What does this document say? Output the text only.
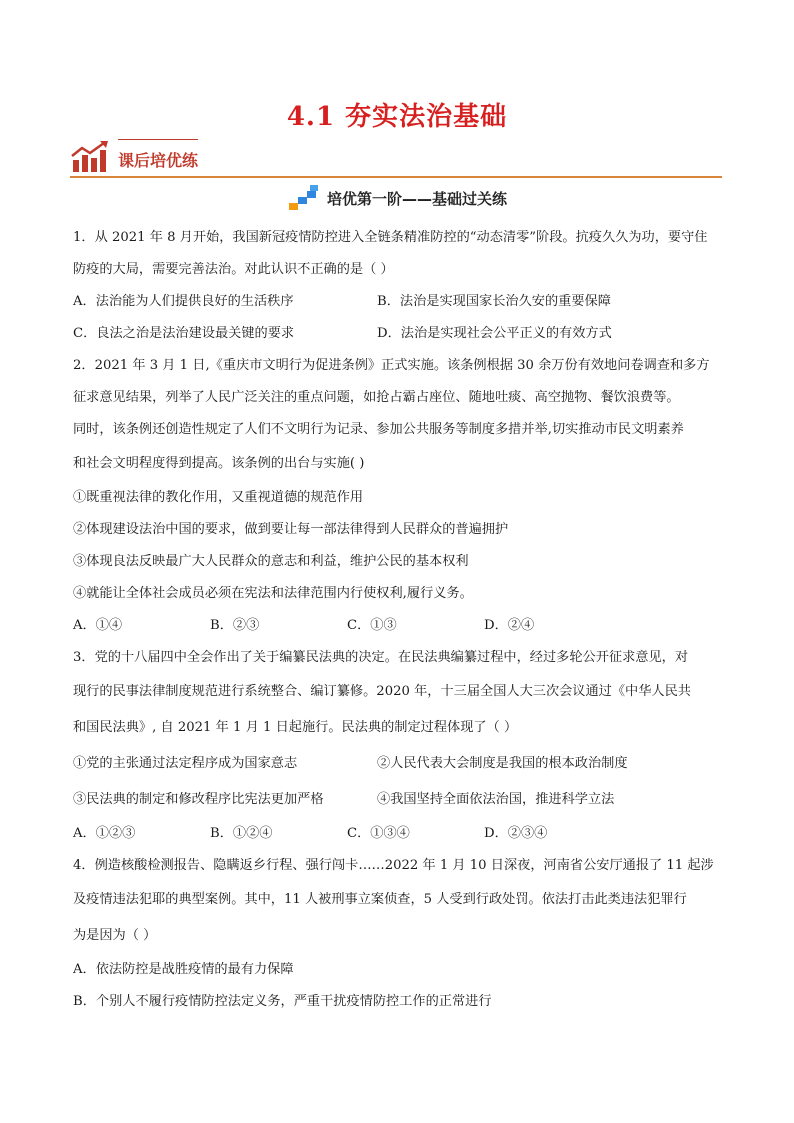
4.1 夯实法治基础
课后培优练
培优第一阶——基础过关练
1．从 2021 年 8 月开始，我国新冠疫情防控进入全链条精准防控的“动态清零”阶段。抗疫久久为功，要守住
防疫的大局，需要完善法治。对此认识不正确的是（ ）
A．法治能为人们提供良好的生活秩序	B．法治是实现国家长治久安的重要保障
C．良法之治是法治建设最关键的要求	D．法治是实现社会公平正义的有效方式
2．2021 年 3 月 1 日,《重庆市文明行为促进条例》正式实施。该条例根据 30 余万份有效地问卷调查和多方
征求意见结果，列举了人民广泛关注的重点问题，如抢占霸占座位、随地吐痰、高空抛物、餐饮浪费等。
同时，该条例还创造性规定了人们不文明行为记录、参加公共服务等制度多措并举,切实推动市民文明素养
和社会文明程度得到提高。该条例的出台与实施( )
①既重视法律的教化作用，又重视道德的规范作用
②体现建设法治中国的要求，做到要让每一部法律得到人民群众的普遍拥护
③体现良法反映最广大人民群众的意志和利益，维护公民的基本权利
④就能让全体社会成员必须在宪法和法律范围内行使权利,履行义务。
A．①④	B．②③	C．①③	D．②④
3．党的十八届四中全会作出了关于编纂民法典的决定。在民法典编纂过程中，经过多轮公开征求意见，对
现行的民事法律制度规范进行系统整合、编订纂修。2020 年，十三届全国人大三次会议通过《中华人民共
和国民法典》, 自 2021 年 1 月 1 日起施行。民法典的制定过程体现了（ ）
①党的主张通过法定程序成为国家意志	②人民代表大会制度是我国的根本政治制度
③民法典的制定和修改程序比宪法更加严格	④我国坚持全面依法治国，推进科学立法
A．①②③	B．①②④	C．①③④	D．②③④
4．例造核酸检测报告、隐瞒返乡行程、强行闯卡……2022 年 1 月 10 日深夜，河南省公安厅通报了 11 起涉
及疫情违法犯耶的典型案例。其中，11 人被刑事立案侦查，5 人受到行政处罚。依法打击此类违法犯罪行
为是因为（ ）
A．依法防控是战胜疫情的最有力保障
B．个别人不履行疫情防控法定义务，严重干扰疫情防控工作的正常进行
